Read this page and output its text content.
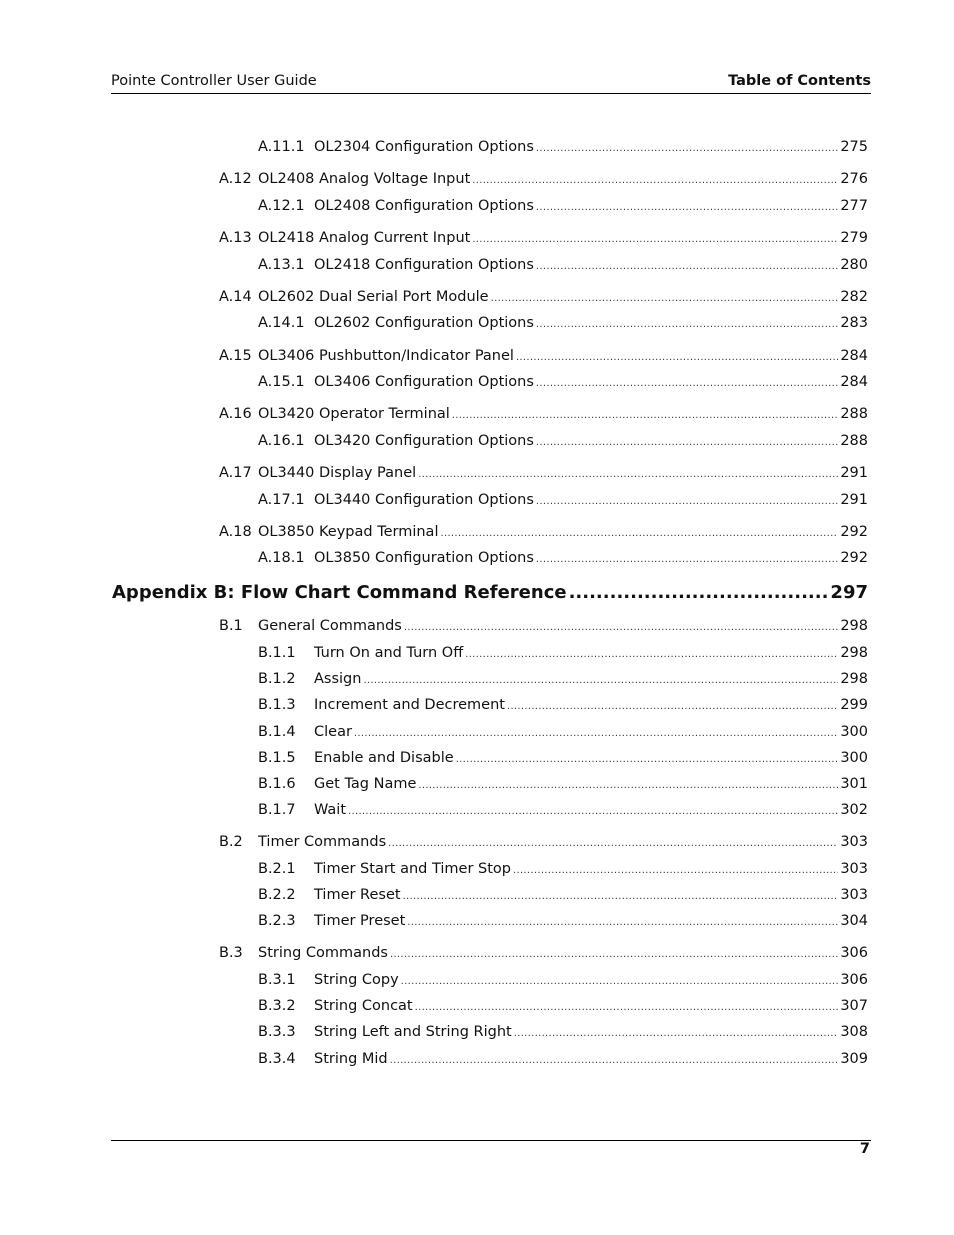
Pointe Controller User Guide	Table of Contents
A.11.1 OL2304 Configuration Options .....	275
A.12 OL2408 Analog Voltage Input .....	276
A.12.1 OL2408 Configuration Options .....	277
A.13 OL2418 Analog Current Input .....	279
A.13.1 OL2418 Configuration Options .....	280
A.14 OL2602 Dual Serial Port Module .....	282
A.14.1 OL2602 Configuration Options .....	283
A.15 OL3406 Pushbutton/Indicator Panel .....	284
A.15.1 OL3406 Configuration Options .....	284
A.16 OL3420 Operator Terminal .....	288
A.16.1 OL3420 Configuration Options .....	288
A.17 OL3440 Display Panel .....	291
A.17.1 OL3440 Configuration Options .....	291
A.18 OL3850 Keypad Terminal .....	292
A.18.1 OL3850 Configuration Options .....	292
Appendix B: Flow Chart Command Reference .....	297
B.1	General Commands .....	298
B.1.1	Turn On and Turn Off .....	298
B.1.2	Assign .....	298
B.1.3	Increment and Decrement .....	299
B.1.4	Clear .....	300
B.1.5	Enable and Disable .....	300
B.1.6	Get Tag Name .....	301
B.1.7	Wait .....	302
B.2	Timer Commands .....	303
B.2.1	Timer Start and Timer Stop .....	303
B.2.2	Timer Reset .....	303
B.2.3	Timer Preset .....	304
B.3	String Commands .....	306
B.3.1	String Copy .....	306
B.3.2	String Concat .....	307
B.3.3	String Left and String Right .....	308
B.3.4	String Mid .....	309
7
